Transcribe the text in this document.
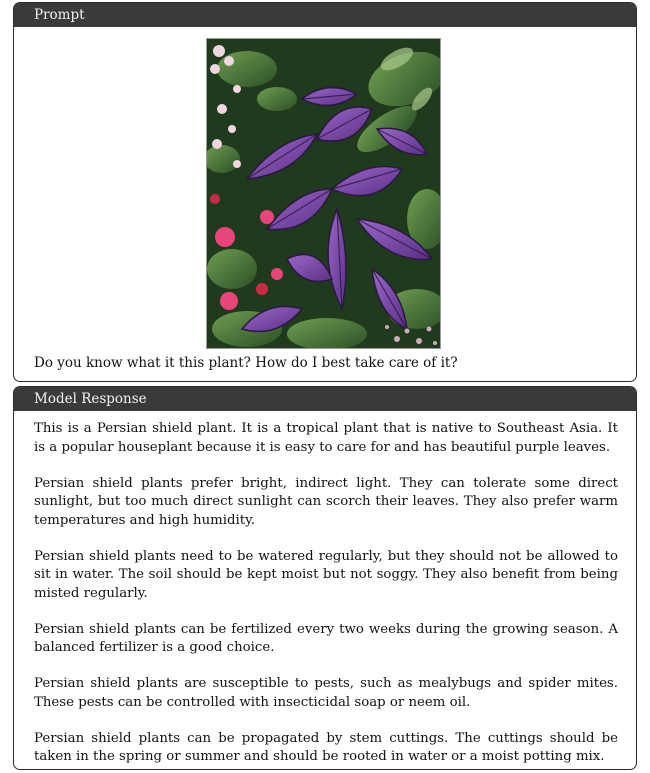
Prompt
Do you know what it this plant? How do I best take care of it?
Model Response

This is a Persian shield plant. It is a tropical plant that is native to Southeast Asia. It is a popular houseplant because it is easy to care for and has beautiful purple leaves.

Persian shield plants prefer bright, indirect light. They can tolerate some direct sunlight, but too much direct sunlight can scorch their leaves. They also prefer warm temperatures and high humidity.

Persian shield plants need to be watered regularly, but they should not be allowed to sit in water. The soil should be kept moist but not soggy. They also benefit from being misted regularly.

Persian shield plants can be fertilized every two weeks during the growing season. A balanced fertilizer is a good choice.

Persian shield plants are susceptible to pests, such as mealybugs and spider mites. These pests can be controlled with insecticidal soap or neem oil.

Persian shield plants can be propagated by stem cuttings. The cuttings should be taken in the spring or summer and should be rooted in water or a moist potting mix.
